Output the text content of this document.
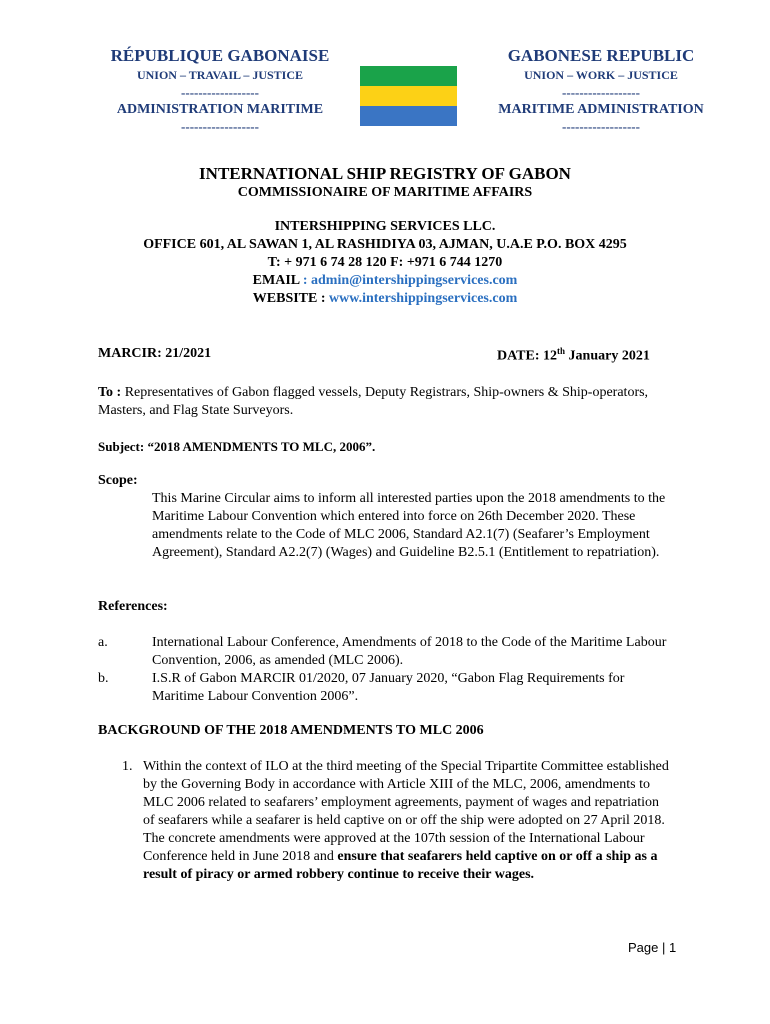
RÉPUBLIQUE GABONAISE
UNION – TRAVAIL – JUSTICE
------------------
ADMINISTRATION MARITIME
------------------
GABONESE REPUBLIC
UNION – WORK – JUSTICE
------------------
MARITIME ADMINISTRATION
------------------
INTERNATIONAL SHIP REGISTRY OF GABON
COMMISSIONAIRE OF MARITIME AFFAIRS
INTERSHIPPING SERVICES LLC.
OFFICE 601, AL SAWAN 1, AL RASHIDIYA 03, AJMAN, U.A.E P.O. BOX 4295
T: + 971 6 74 28 120 F: +971 6 744 1270
EMAIL : admin@intershippingservices.com
WEBSITE : www.intershippingservices.com
MARCIR: 21/2021	DATE: 12th January 2021
To : Representatives of Gabon flagged vessels, Deputy Registrars, Ship-owners & Ship-operators, Masters, and Flag State Surveyors.
Subject: “2018 AMENDMENTS TO MLC, 2006”.
Scope:
This Marine Circular aims to inform all interested parties upon the 2018 amendments to the Maritime Labour Convention which entered into force on 26th December 2020. These amendments relate to the Code of MLC 2006, Standard A2.1(7) (Seafarer’s Employment Agreement), Standard A2.2(7) (Wages) and Guideline B2.5.1 (Entitlement to repatriation).
References:
a.	International Labour Conference, Amendments of 2018 to the Code of the Maritime Labour Convention, 2006, as amended (MLC 2006).
b.	I.S.R of Gabon MARCIR 01/2020, 07 January 2020, “Gabon Flag Requirements for Maritime Labour Convention 2006”.
BACKGROUND OF THE 2018 AMENDMENTS TO MLC 2006
1. Within the context of ILO at the third meeting of the Special Tripartite Committee established by the Governing Body in accordance with Article XIII of the MLC, 2006, amendments to MLC 2006 related to seafarers’ employment agreements, payment of wages and repatriation of seafarers while a seafarer is held captive on or off the ship were adopted on 27 April 2018. The concrete amendments were approved at the 107th session of the International Labour Conference held in June 2018 and ensure that seafarers held captive on or off a ship as a result of piracy or armed robbery continue to receive their wages.
Page | 1
